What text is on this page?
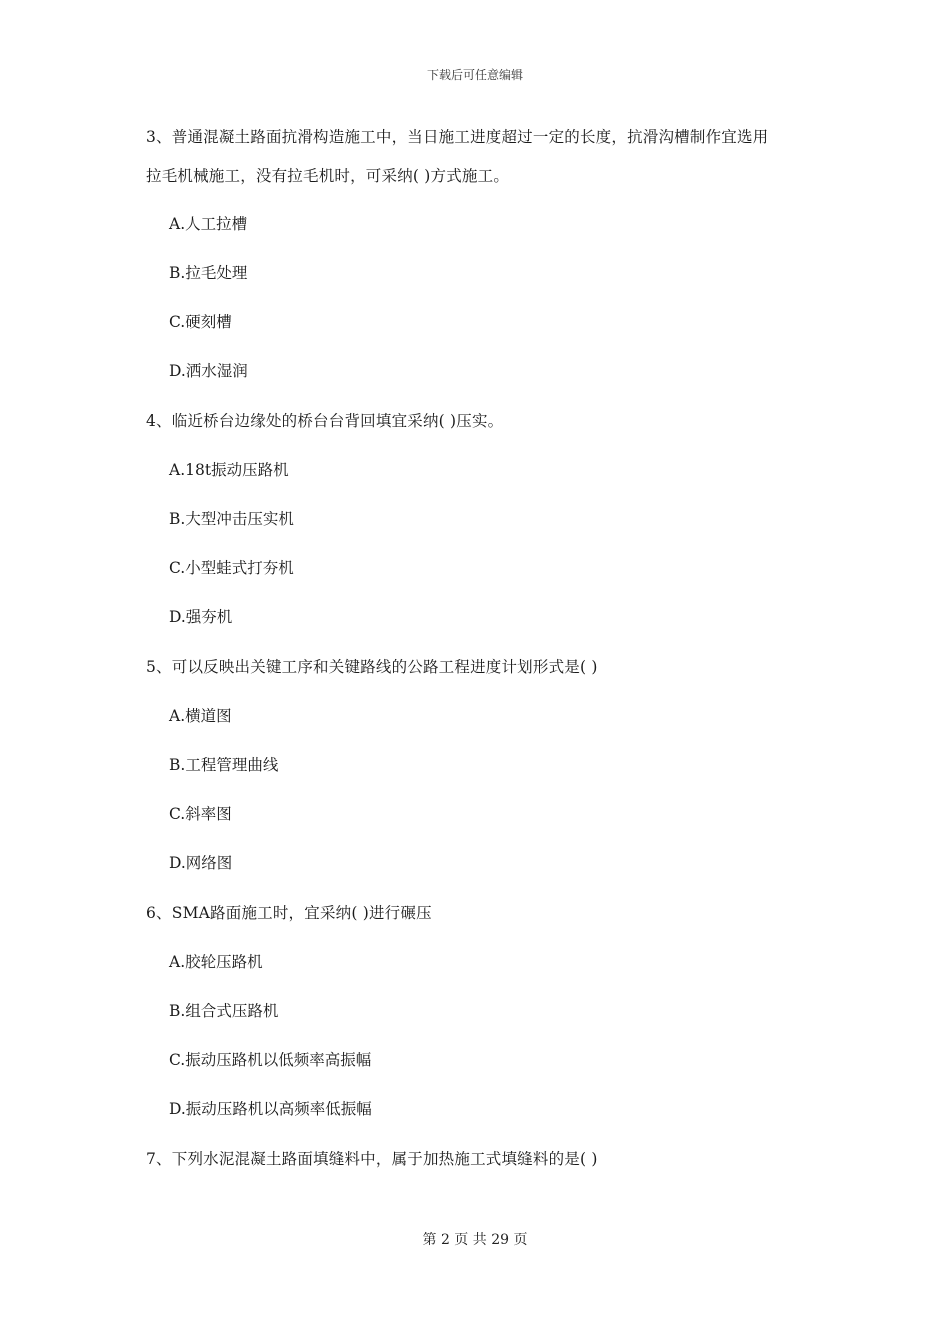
下载后可任意编辑
3、普通混凝土路面抗滑构造施工中，当日施工进度超过一定的长度，抗滑沟槽制作宜选用
拉毛机械施工，没有拉毛机时，可采纳( )方式施工。
A.人工拉槽
B.拉毛处理
C.硬刻槽
D.洒水湿润
4、临近桥台边缘处的桥台台背回填宜采纳( )压实。
A.18t振动压路机
B.大型冲击压实机
C.小型蛙式打夯机
D.强夯机
5、可以反映出关键工序和关键路线的公路工程进度计划形式是( )
A.横道图
B.工程管理曲线
C.斜率图
D.网络图
6、SMA路面施工时，宜采纳( )进行碾压
A.胶轮压路机
B.组合式压路机
C.振动压路机以低频率高振幅
D.振动压路机以高频率低振幅
7、下列水泥混凝土路面填缝料中，属于加热施工式填缝料的是( )
第 2 页 共 29 页
